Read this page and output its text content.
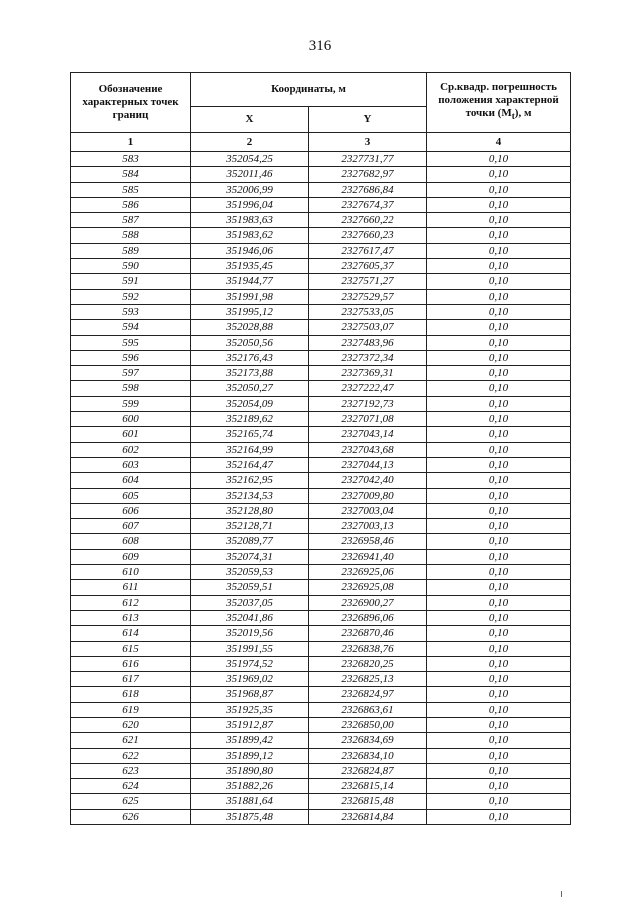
316
Обозначение характерных точек границ	Координаты, м		Ср.квадр. погрешность положения характерной точки $(M_t)$, м
	X	Y	
1	2	3	4
583	352054,25	2327731,77	0,10
584	352011,46	2327682,97	0,10
585	352006,99	2327686,84	0,10
586	351996,04	2327674,37	0,10
587	351983,63	2327660,22	0,10
588	351983,62	2327660,23	0,10
589	351946,06	2327617,47	0,10
590	351935,45	2327605,37	0,10
591	351944,77	2327571,27	0,10
592	351991,98	2327529,57	0,10
593	351995,12	2327533,05	0,10
594	352028,88	2327503,07	0,10
595	352050,56	2327483,96	0,10
596	352176,43	2327372,34	0,10
597	352173,88	2327369,31	0,10
598	352050,27	2327222,47	0,10
599	352054,09	2327192,73	0,10
600	352189,62	2327071,08	0,10
601	352165,74	2327043,14	0,10
602	352164,99	2327043,68	0,10
603	352164,47	2327044,13	0,10
604	352162,95	2327042,40	0,10
605	352134,53	2327009,80	0,10
606	352128,80	2327003,04	0,10
607	352128,71	2327003,13	0,10
608	352089,77	2326958,46	0,10
609	352074,31	2326941,40	0,10
610	352059,53	2326925,06	0,10
611	352059,51	2326925,08	0,10
612	352037,05	2326900,27	0,10
613	352041,86	2326896,06	0,10
614	352019,56	2326870,46	0,10
615	351991,55	2326838,76	0,10
616	351974,52	2326820,25	0,10
617	351969,02	2326825,13	0,10
618	351968,87	2326824,97	0,10
619	351925,35	2326863,61	0,10
620	351912,87	2326850,00	0,10
621	351899,42	2326834,69	0,10
622	351899,12	2326834,10	0,10
623	351890,80	2326824,87	0,10
624	351882,26	2326815,14	0,10
625	351881,64	2326815,48	0,10
626	351875,48	2326814,84	0,10
